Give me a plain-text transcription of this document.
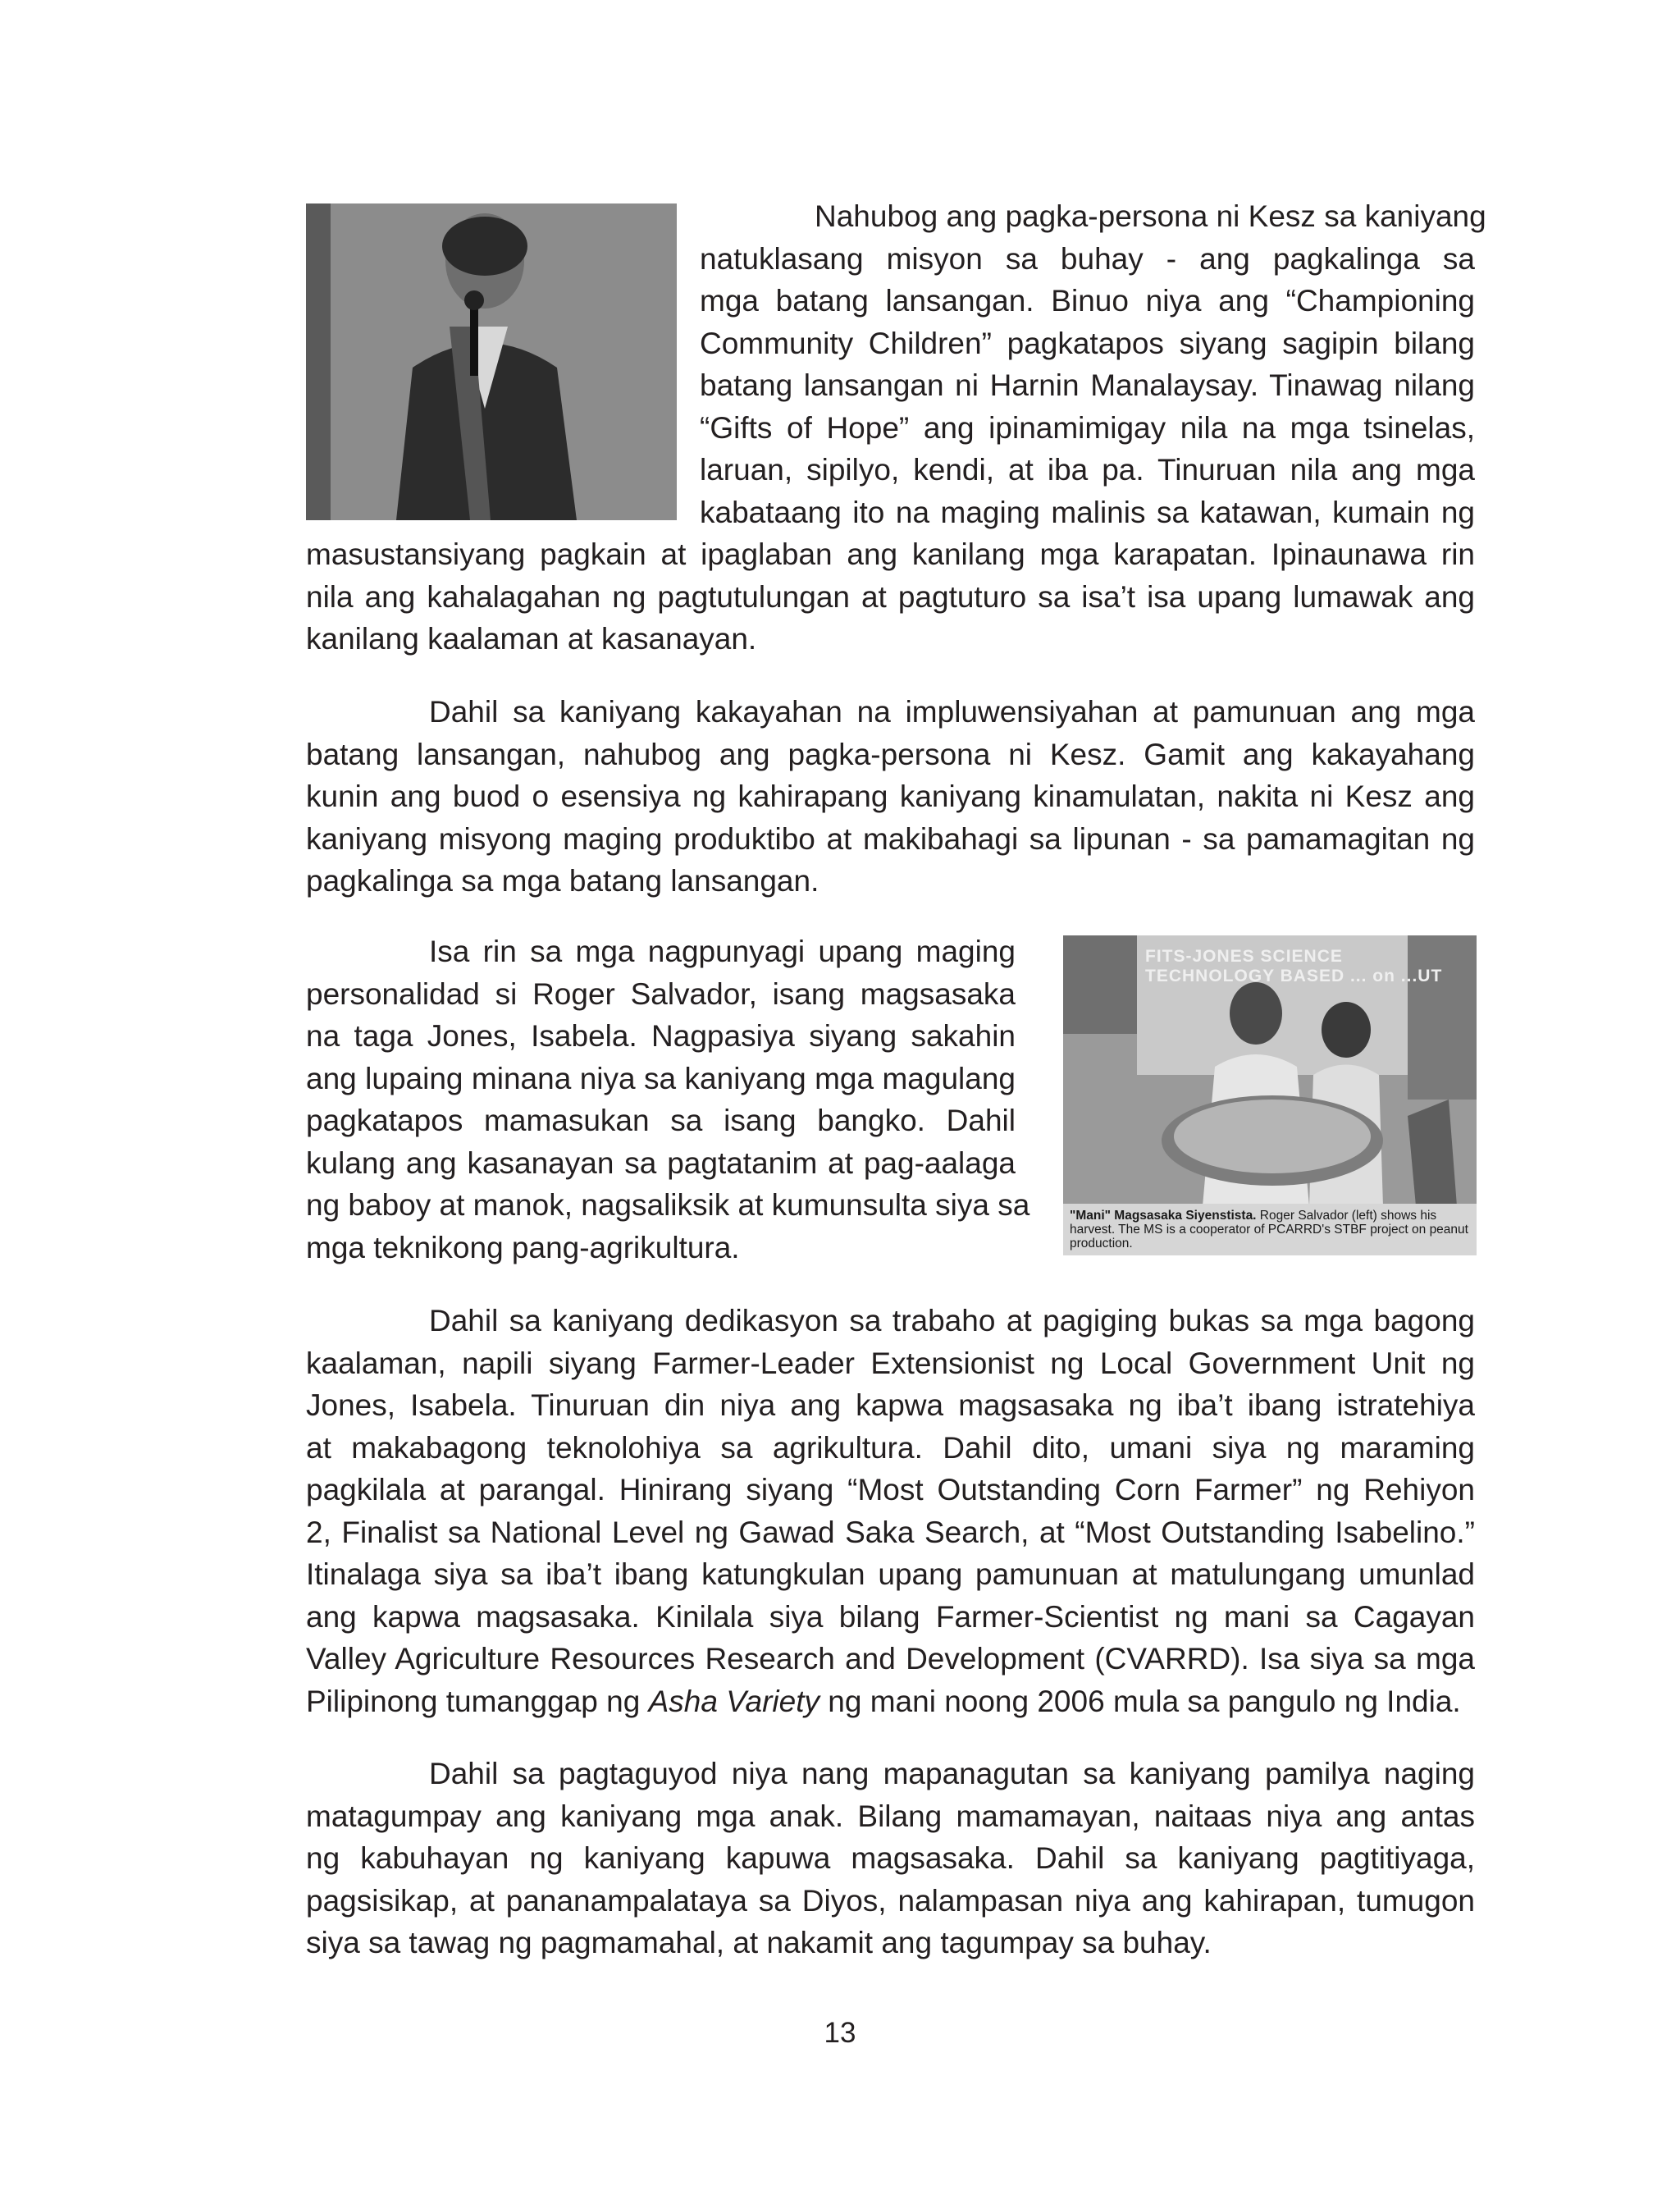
Nahubog ang pagka-persona ni Kesz sa kaniyang
natuklasang misyon sa buhay - ang pagkalinga sa
mga batang lansangan. Binuo niya ang “Championing
Community Children” pagkatapos siyang sagipin bilang
batang lansangan ni Harnin Manalaysay. Tinawag nilang
“Gifts of Hope” ang ipinamimigay nila na mga tsinelas,
laruan, sipilyo, kendi, at iba pa. Tinuruan nila ang mga
kabataang ito na maging malinis sa katawan, kumain ng
masustansiyang pagkain at ipaglaban ang kanilang mga karapatan. Ipinaunawa rin
nila ang kahalagahan ng pagtutulungan at pagtuturo sa isa’t isa upang lumawak ang
kanilang kaalaman at kasanayan.
Dahil sa kaniyang kakayahan na impluwensiyahan at pamunuan ang mga
batang lansangan, nahubog ang pagka-persona ni Kesz. Gamit ang kakayahang
kunin ang buod o esensiya ng kahirapang kaniyang kinamulatan, nakita ni Kesz ang
kaniyang misyong maging produktibo at makibahagi sa lipunan - sa pamamagitan ng
pagkalinga sa mga batang lansangan.
Isa rin sa mga nagpunyagi upang maging
personalidad si Roger Salvador, isang magsasaka
na taga Jones, Isabela. Nagpasiya siyang sakahin
ang lupaing minana niya sa kaniyang mga magulang
pagkatapos mamasukan sa isang bangko. Dahil
kulang ang kasanayan sa pagtatanim at pag-aalaga
ng baboy at manok, nagsaliksik at kumunsulta siya sa
mga teknikong pang-agrikultura.
FITS-JONES SCIENCE TECHNOLOGY BASED ... on ...UT
"Mani" Magsasaka Siyenstista. Roger Salvador (left) shows his harvest. The MS is a cooperator of PCARRD's STBF project on peanut production.
Dahil sa kaniyang dedikasyon sa trabaho at pagiging bukas sa mga bagong
kaalaman, napili siyang Farmer-Leader Extensionist ng Local Government Unit ng
Jones, Isabela. Tinuruan din niya ang kapwa magsasaka ng iba’t ibang istratehiya
at makabagong teknolohiya sa agrikultura. Dahil dito, umani siya ng maraming
pagkilala at parangal. Hinirang siyang “Most Outstanding Corn Farmer” ng Rehiyon
2, Finalist sa National Level ng Gawad Saka Search, at “Most Outstanding Isabelino.”
Itinalaga siya sa iba’t ibang katungkulan upang pamunuan at matulungang umunlad
ang kapwa magsasaka. Kinilala siya bilang Farmer-Scientist ng mani sa Cagayan
Valley Agriculture Resources Research and Development (CVARRD). Isa siya sa mga
Pilipinong tumanggap ng Asha Variety ng mani noong 2006 mula sa pangulo ng India.
Dahil sa pagtaguyod niya nang mapanagutan sa kaniyang pamilya naging
matagumpay ang kaniyang mga anak. Bilang mamamayan, naitaas niya ang antas
ng kabuhayan ng kaniyang kapuwa magsasaka. Dahil sa kaniyang pagtitiyaga,
pagsisikap, at pananampalataya sa Diyos, nalampasan niya ang kahirapan, tumugon
siya sa tawag ng pagmamahal, at nakamit ang tagumpay sa buhay.

13
